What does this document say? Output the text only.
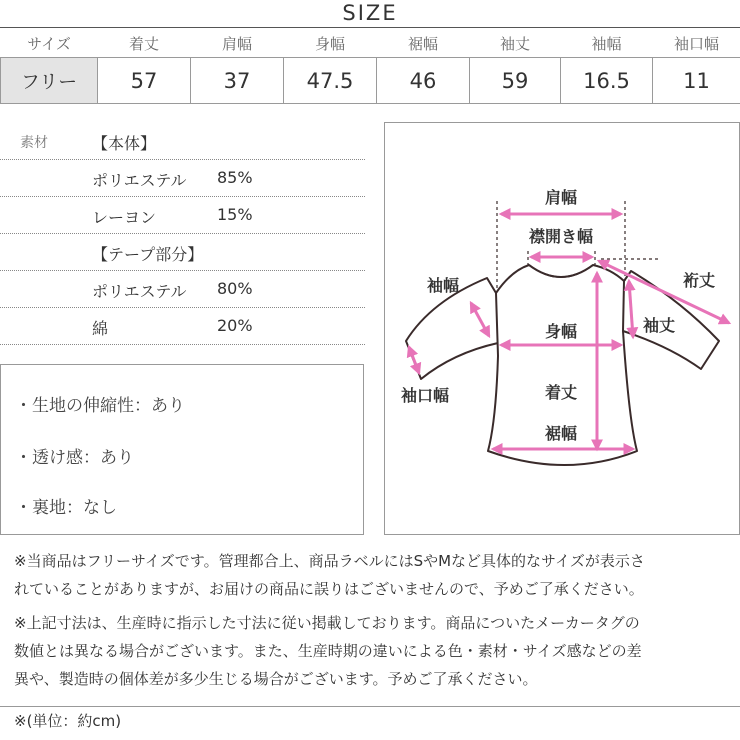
SIZE
サイズ	着丈	肩幅	身幅	裾幅	袖丈	袖幅	袖口幅
フリー	57	37	47.5	46	59	16.5	11
素材	【本体】
ポリエステル 85%
レーヨン	15%
【テープ部分】
ポリエステル 80%
綿	20%
・生地の伸縮性：あり
・透け感：あり
・裏地：なし
肩幅
襟開き幅
裄丈
袖幅
袖丈
身幅
袖口幅	着丈
裾幅
※当商品はフリーサイズです。管理都合上、商品ラベルにはSやMなど具体的なサイズが表示さ
れていることがありますが、お届けの商品に誤りはございませんので、予めご了承ください。
※上記寸法は、生産時に指示した寸法に従い掲載しております。商品についたメーカータグの
数値とは異なる場合がございます。また、生産時期の違いによる色・素材・サイズ感などの差
異や、製造時の個体差が多少生じる場合がございます。予めご了承ください。
※(単位：約cm)
